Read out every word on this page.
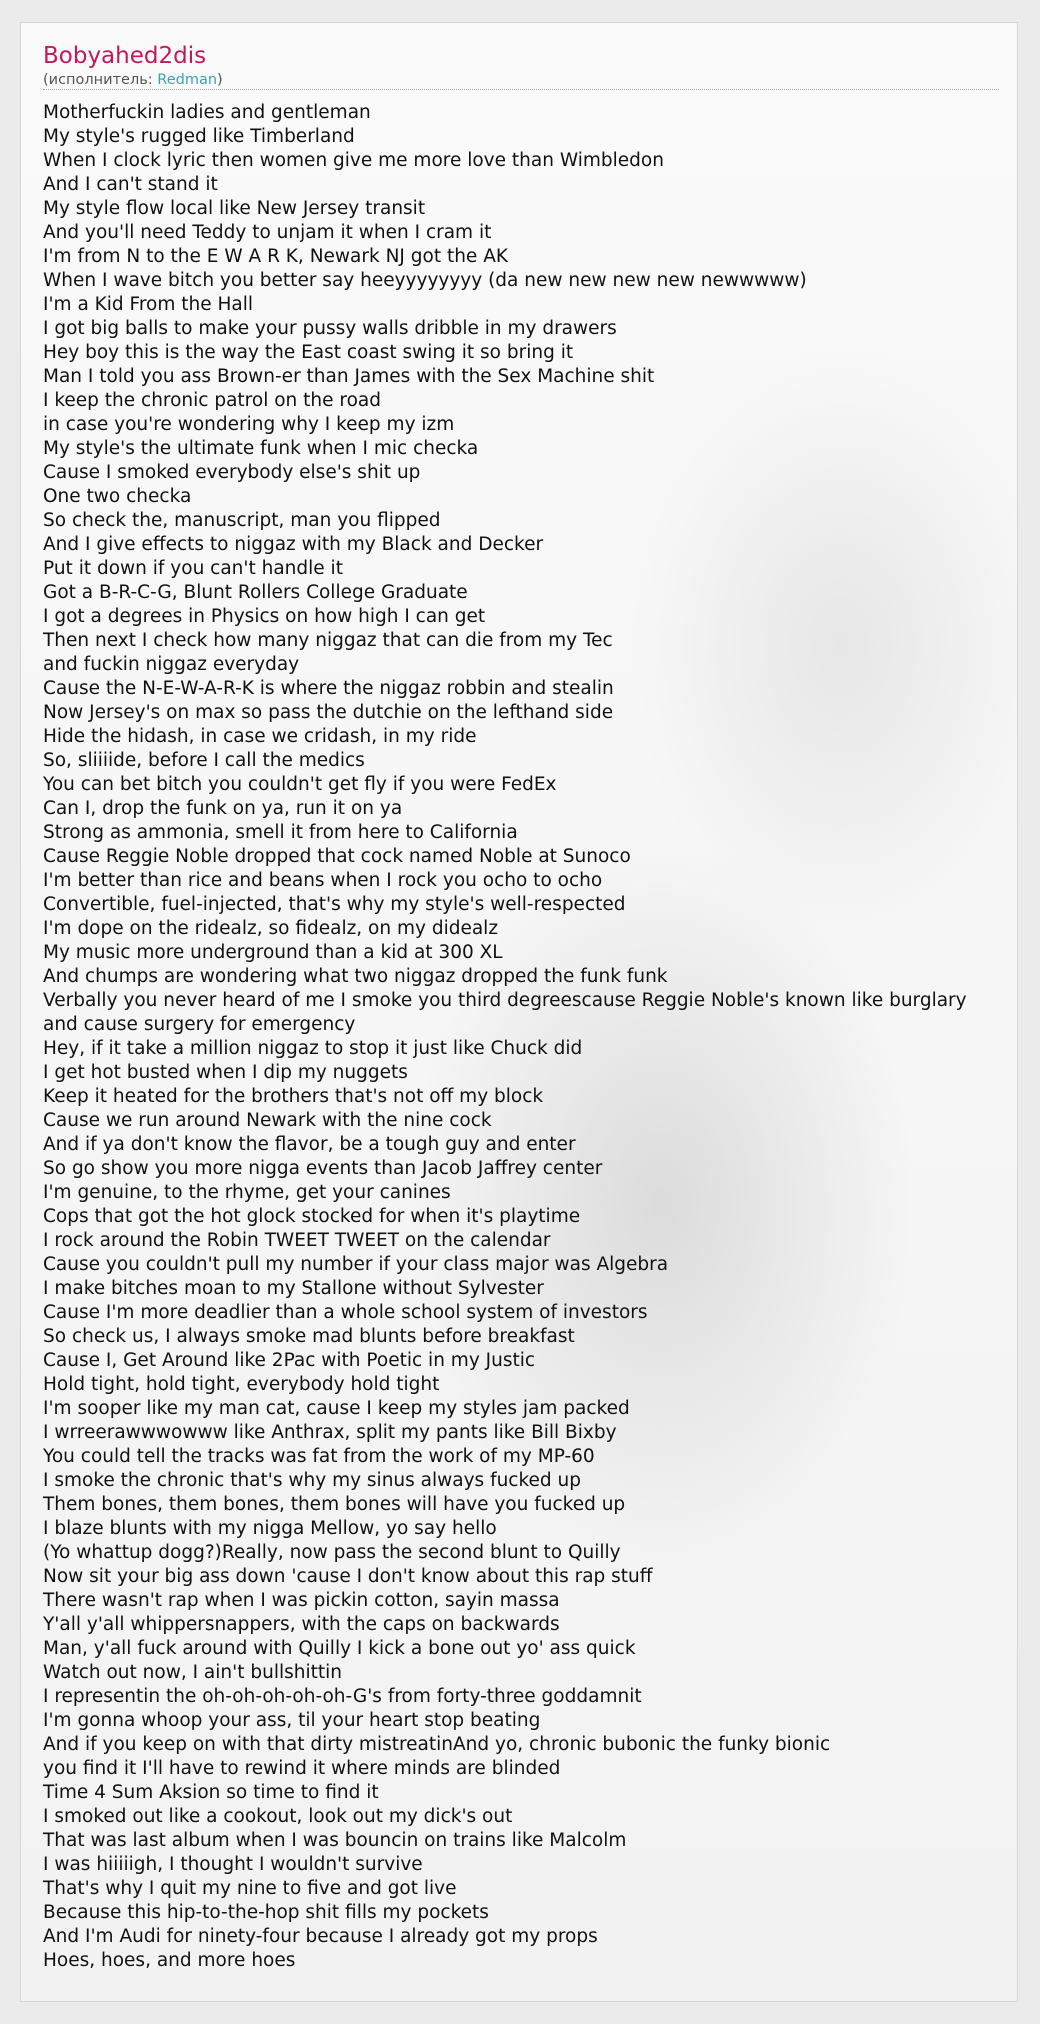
Bobyahed2dis
(исполнитель: Redman)
Motherfuckin ladies and gentleman
My style's rugged like Timberland
When I clock lyric then women give me more love than Wimbledon
And I can't stand it
My style flow local like New Jersey transit
And you'll need Teddy to unjam it when I cram it
I'm from N to the E W A R K, Newark NJ got the AK
When I wave bitch you better say heeyyyyyyyy (da new new new new newwwww)
I'm a Kid From the Hall
I got big balls to make your pussy walls dribble in my drawers
Hey boy this is the way the East coast swing it so bring it
Man I told you ass Brown-er than James with the Sex Machine shit
I keep the chronic patrol on the road
in case you're wondering why I keep my izm
My style's the ultimate funk when I mic checka
Cause I smoked everybody else's shit up
One two checka
So check the, manuscript, man you flipped
And I give effects to niggaz with my Black and Decker
Put it down if you can't handle it
Got a B-R-C-G, Blunt Rollers College Graduate
I got a degrees in Physics on how high I can get
Then next I check how many niggaz that can die from my Tec
and fuckin niggaz everyday
Cause the N-E-W-A-R-K is where the niggaz robbin and stealin
Now Jersey's on max so pass the dutchie on the lefthand side
Hide the hidash, in case we cridash, in my ride
So, sliiiide, before I call the medics
You can bet bitch you couldn't get fly if you were FedEx
Can I, drop the funk on ya, run it on ya
Strong as ammonia, smell it from here to California
Cause Reggie Noble dropped that cock named Noble at Sunoco
I'm better than rice and beans when I rock you ocho to ocho
Convertible, fuel-injected, that's why my style's well-respected
I'm dope on the ridealz, so fidealz, on my didealz
My music more underground than a kid at 300 XL
And chumps are wondering what two niggaz dropped the funk funk
Verbally you never heard of me I smoke you third degreescause Reggie Noble's known like burglary
and cause surgery for emergency
Hey, if it take a million niggaz to stop it just like Chuck did
I get hot busted when I dip my nuggets
Keep it heated for the brothers that's not off my block
Cause we run around Newark with the nine cock
And if ya don't know the flavor, be a tough guy and enter
So go show you more nigga events than Jacob Jaffrey center
I'm genuine, to the rhyme, get your canines
Cops that got the hot glock stocked for when it's playtime
I rock around the Robin TWEET TWEET on the calendar
Cause you couldn't pull my number if your class major was Algebra
I make bitches moan to my Stallone without Sylvester
Cause I'm more deadlier than a whole school system of investors
So check us, I always smoke mad blunts before breakfast
Cause I, Get Around like 2Pac with Poetic in my Justic
Hold tight, hold tight, everybody hold tight
I'm sooper like my man cat, cause I keep my styles jam packed
I wrreerawwwowww like Anthrax, split my pants like Bill Bixby
You could tell the tracks was fat from the work of my MP-60
I smoke the chronic that's why my sinus always fucked up
Them bones, them bones, them bones will have you fucked up
I blaze blunts with my nigga Mellow, yo say hello
(Yo whattup dogg?)Really, now pass the second blunt to Quilly
Now sit your big ass down 'cause I don't know about this rap stuff
There wasn't rap when I was pickin cotton, sayin massa
Y'all y'all whippersnappers, with the caps on backwards
Man, y'all fuck around with Quilly I kick a bone out yo' ass quick
Watch out now, I ain't bullshittin
I representin the oh-oh-oh-oh-oh-G's from forty-three goddamnit
I'm gonna whoop your ass, til your heart stop beating
And if you keep on with that dirty mistreatinAnd yo, chronic bubonic the funky bionic
you find it I'll have to rewind it where minds are blinded
Time 4 Sum Aksion so time to find it
I smoked out like a cookout, look out my dick's out
That was last album when I was bouncin on trains like Malcolm
I was hiiiiigh, I thought I wouldn't survive
That's why I quit my nine to five and got live
Because this hip-to-the-hop shit fills my pockets
And I'm Audi for ninety-four because I already got my props
Hoes, hoes, and more hoes
